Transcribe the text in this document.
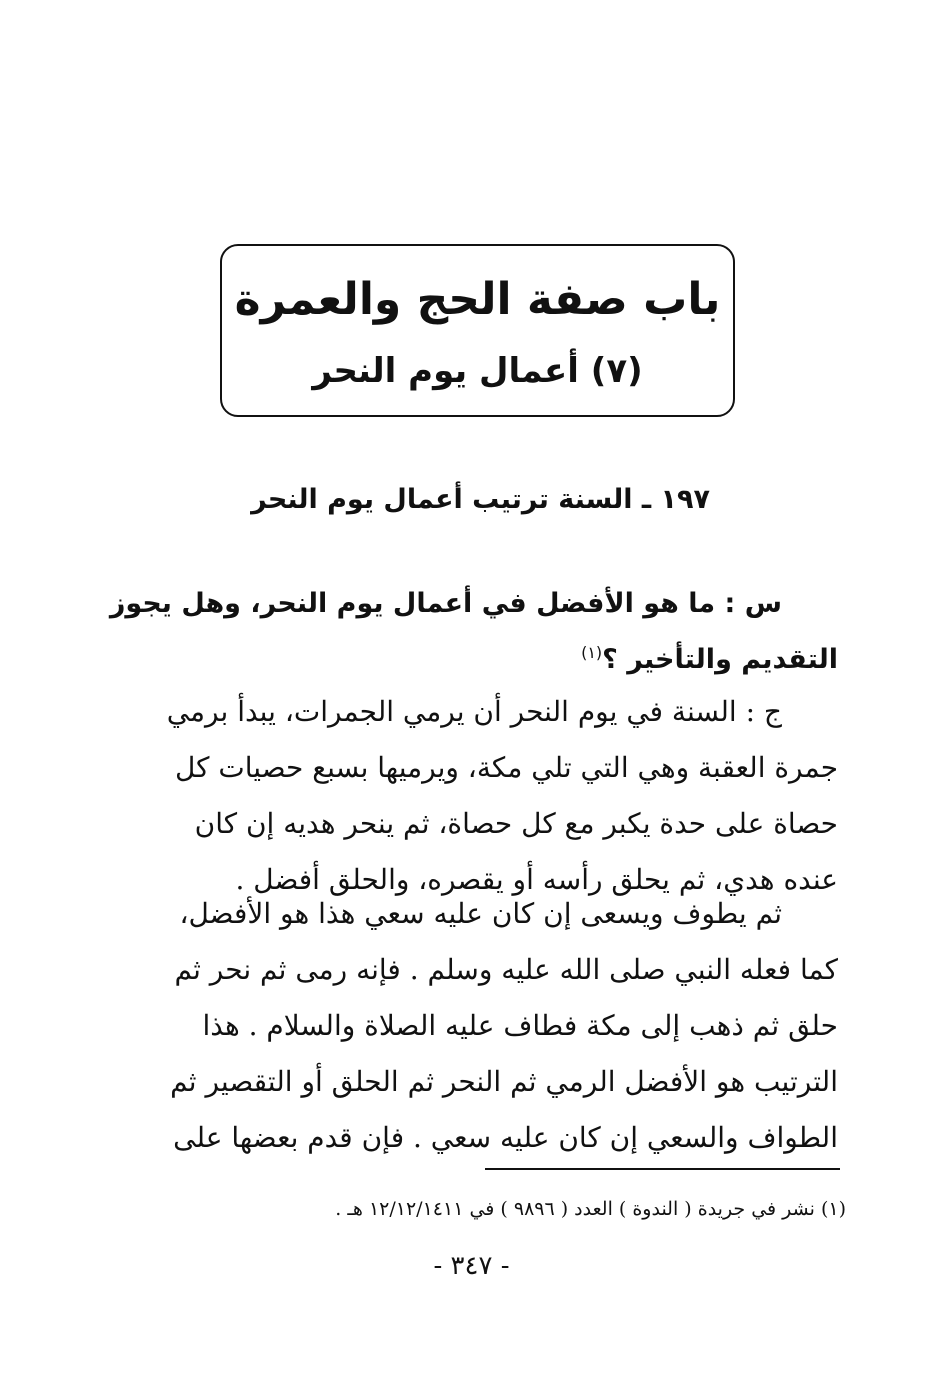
باب صفة الحج والعمرة
(٧) أعمال يوم النحر
١٩٧ ـ السنة ترتيب أعمال يوم النحر
س : ما هو الأفضل في أعمال يوم النحر، وهل يجوز
التقديم والتأخير ؟$^{(١)}$
ج : السنة في يوم النحر أن يرمي الجمرات، يبدأ برمي
جمرة العقبة وهي التي تلي مكة، ويرميها بسبع حصيات كل
حصاة على حدة يكبر مع كل حصاة، ثم ينحر هديه إن كان
عنده هدي، ثم يحلق رأسه أو يقصره، والحلق أفضل .
ثم يطوف ويسعى إن كان عليه سعي هذا هو الأفضل،
كما فعله النبي صلى الله عليه وسلم . فإنه رمى ثم نحر ثم
حلق ثم ذهب إلى مكة فطاف عليه الصلاة والسلام . هذا
الترتيب هو الأفضل الرمي ثم النحر ثم الحلق أو التقصير ثم
الطواف والسعي إن كان عليه سعي . فإن قدم بعضها على
(١) نشر في جريدة ( الندوة ) العدد ( ٩٨٩٦ ) في ١٢/١٢/١٤١١ هـ .
- ٣٤٧ -
